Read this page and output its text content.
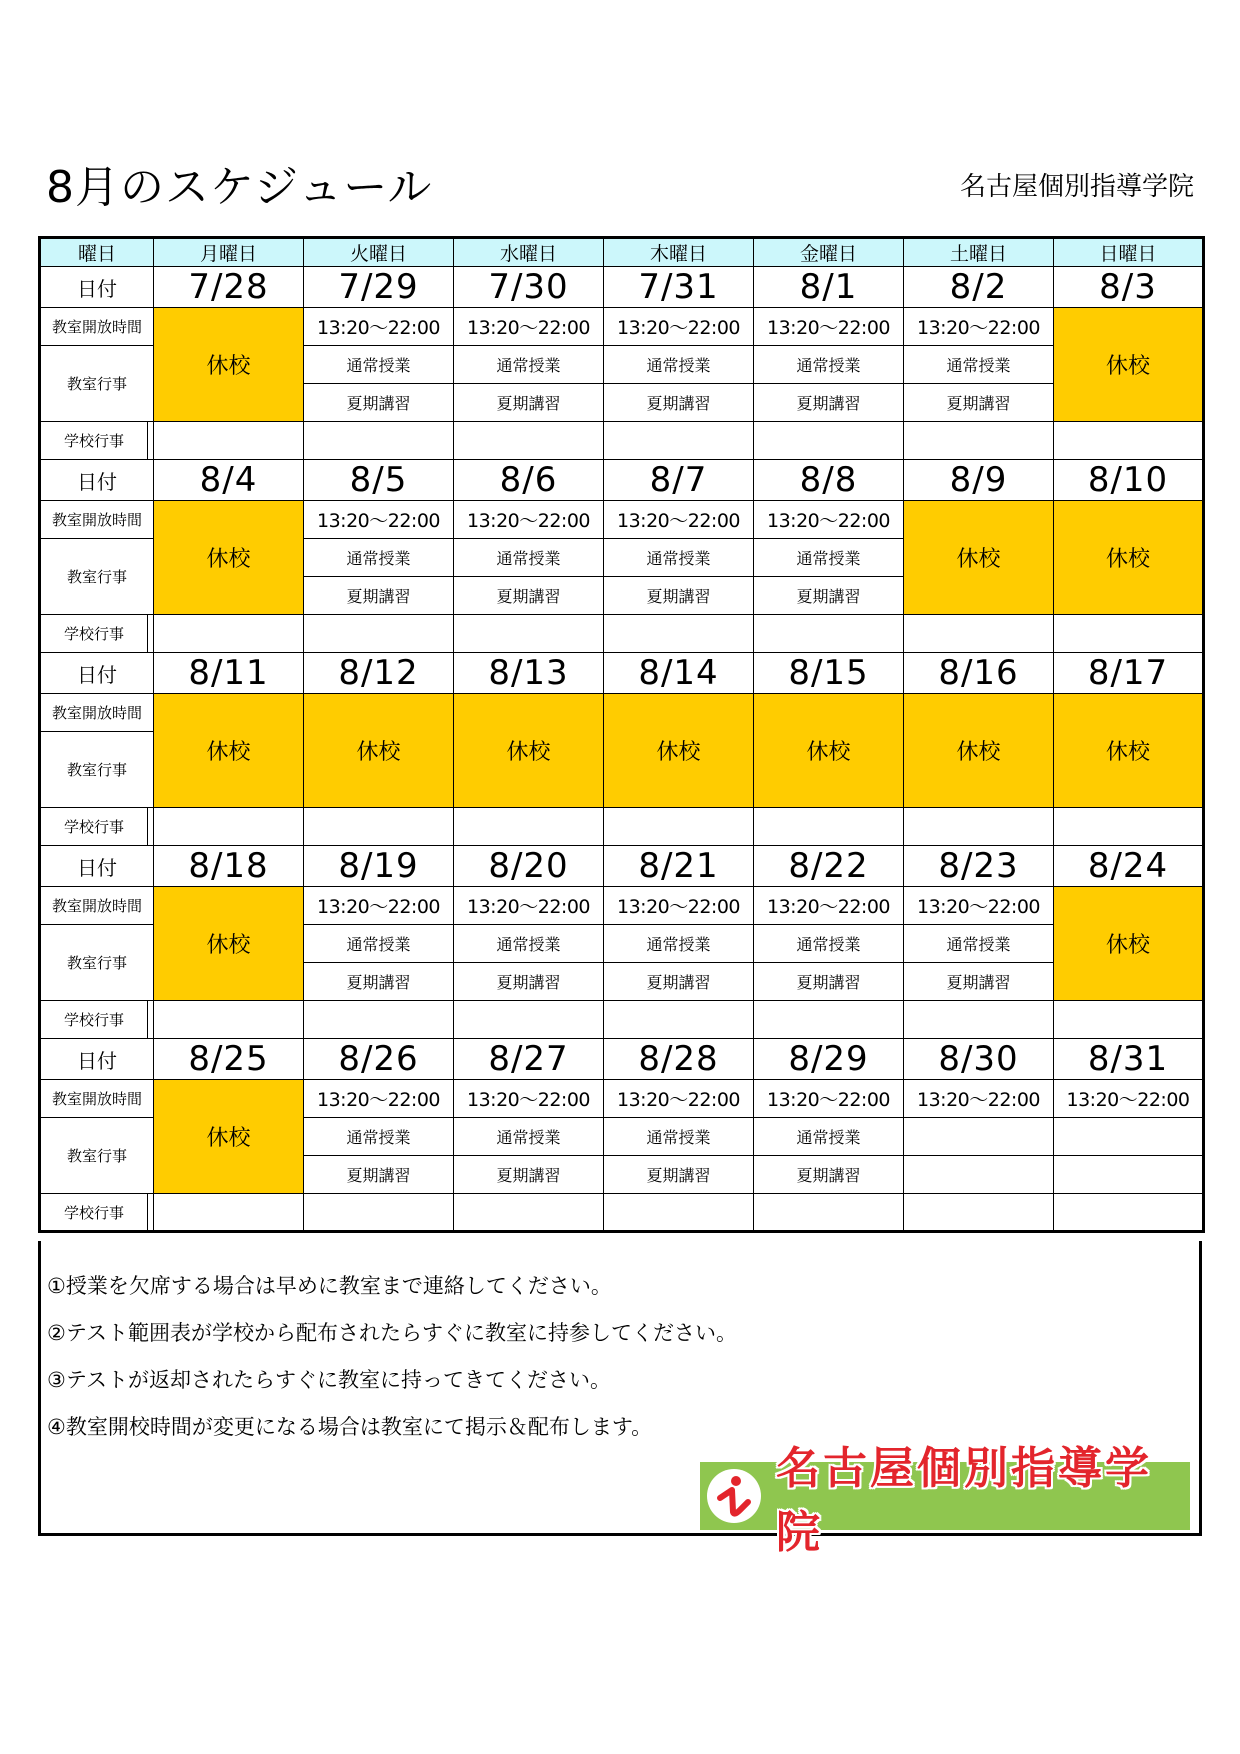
8月のスケジュール	名古屋個別指導学院
曜日		月曜日	火曜日	水曜日	木曜日	金曜日	土曜日	日曜日
日付		7/28	7/29	7/30	7/31	8/1	8/2	8/3
教室開放時間		休校	13:20〜22:00	13:20〜22:00	13:20〜22:00	13:20〜22:00	13:20〜22:00	休校
教室行事			通常授業	通常授業	通常授業	通常授業	通常授業	
			夏期講習	夏期講習	夏期講習	夏期講習	夏期講習	
学校行事								
日付		8/4	8/5	8/6	8/7	8/8	8/9	8/10
教室開放時間		休校	13:20〜22:00	13:20〜22:00	13:20〜22:00	13:20〜22:00	休校	休校
教室行事			通常授業	通常授業	通常授業	通常授業		
			夏期講習	夏期講習	夏期講習	夏期講習		
学校行事								
日付		8/11	8/12	8/13	8/14	8/15	8/16	8/17
教室開放時間		休校	休校	休校	休校	休校	休校	休校
教室行事								

学校行事								
日付		8/18	8/19	8/20	8/21	8/22	8/23	8/24
教室開放時間		休校	13:20〜22:00	13:20〜22:00	13:20〜22:00	13:20〜22:00	13:20〜22:00	休校
教室行事			通常授業	通常授業	通常授業	通常授業	通常授業	
			夏期講習	夏期講習	夏期講習	夏期講習	夏期講習	
学校行事								
日付		8/25	8/26	8/27	8/28	8/29	8/30	8/31
教室開放時間		休校	13:20〜22:00	13:20〜22:00	13:20〜22:00	13:20〜22:00	13:20〜22:00	13:20〜22:00
教室行事			通常授業	通常授業	通常授業	通常授業		
			夏期講習	夏期講習	夏期講習	夏期講習		
学校行事								

①授業を欠席する場合は早めに教室まで連絡してください。

②テスト範囲表が学校から配布されたらすぐに教室に持参してください。

③テストが返却されたらすぐに教室に持ってきてください。

④教室開校時間が変更になる場合は教室にて掲示＆配布します。

名古屋個別指導学院
